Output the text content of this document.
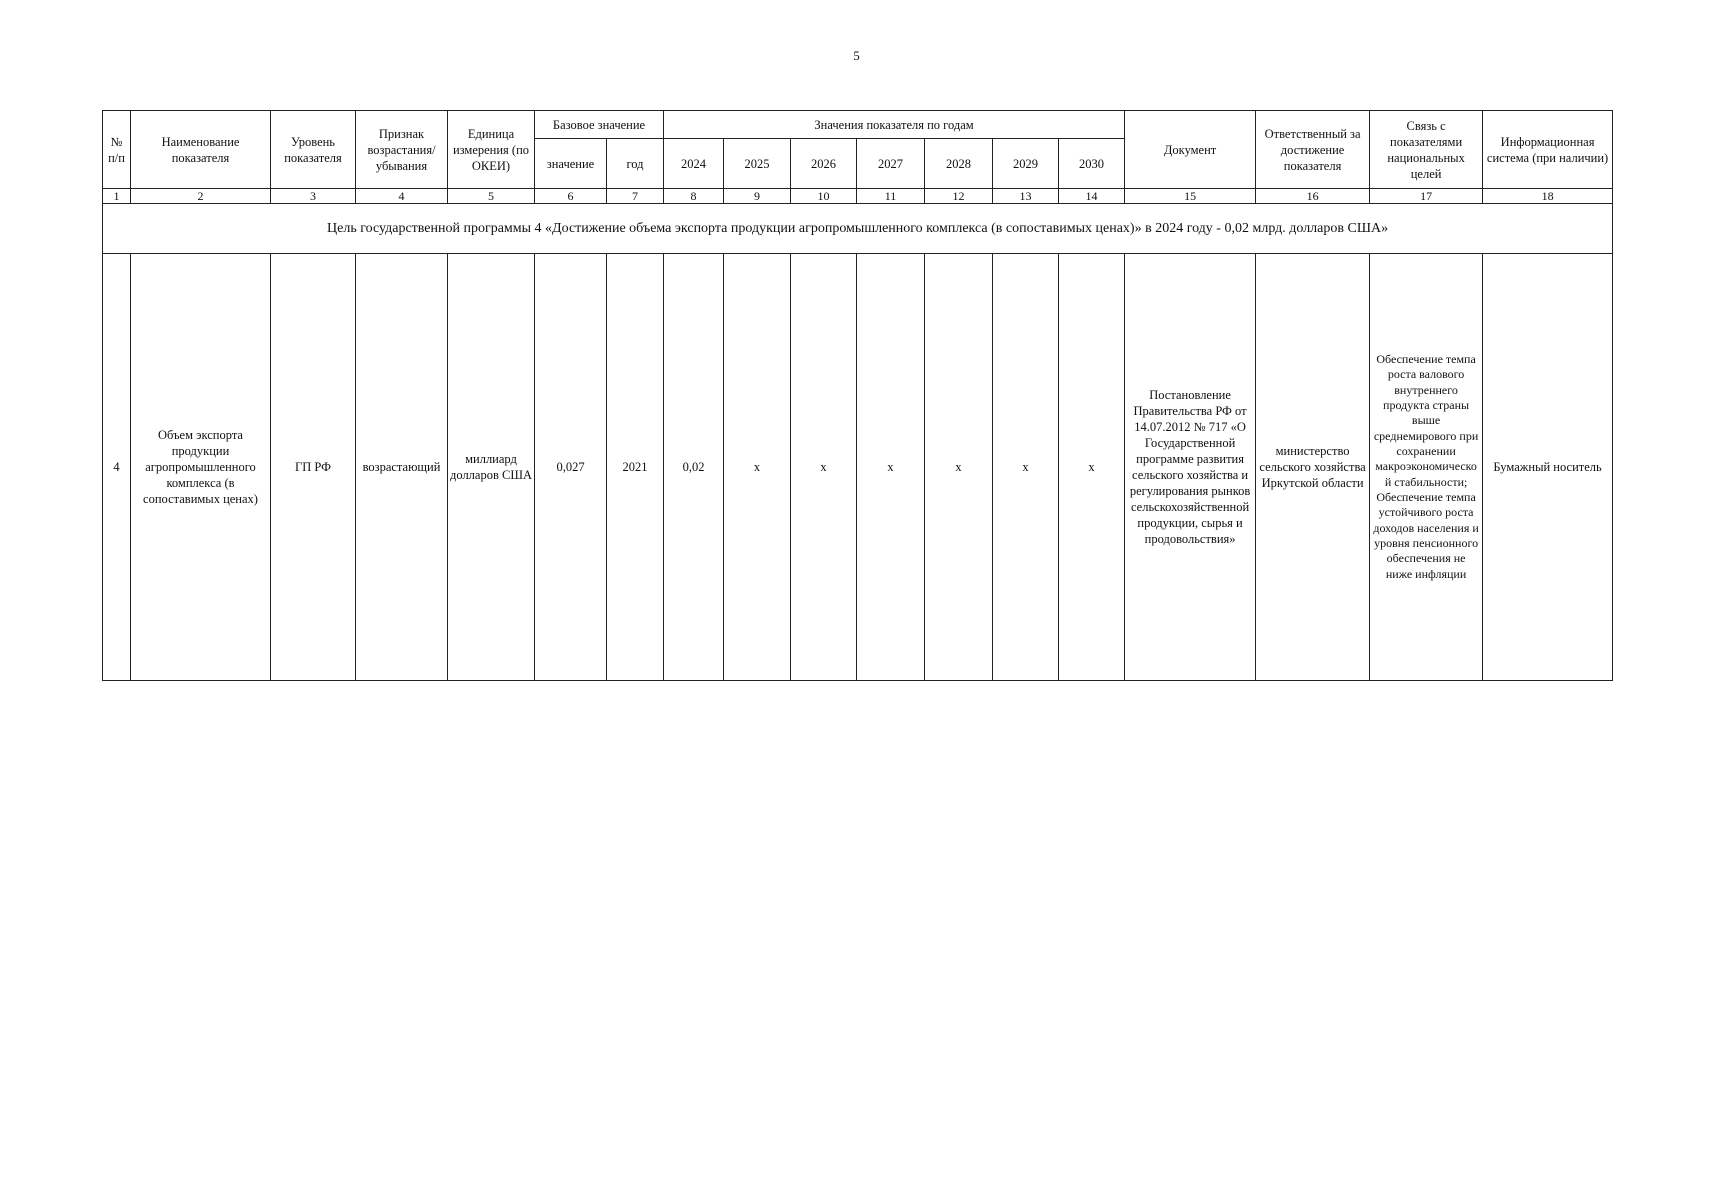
5
№ п/п	Наименование показателя	Уровень показателя	Признак возрастания/ убывания	Единица измерения (по ОКЕИ)	Базовое значение		Значения показателя по годам							Документ	Ответственный за достижение показателя	Связь с показателями национальных целей	Информационная система (при наличии)
					значение	год	2024	2025	2026	2027	2028	2029	2030				
1	2	3	4	5	6	7	8	9	10	11	12	13	14	15	16	17	18
Цель государственной программы 4 «Достижение объема экспорта продукции агропромышленного комплекса (в сопоставимых ценах)» в 2024 году - 0,02 млрд. долларов США»																	
4	Объем экспорта продукции агропромышленного комплекса (в сопоставимых ценах)	ГП РФ	возрастающий	миллиард долларов США	0,027	2021	0,02	х	х	х	х	х	х	Постановление Правительства РФ от 14.07.2012 № 717 «О Государственной программе развития сельского хозяйства и регулирования рынков сельскохозяйственной продукции, сырья и продовольствия»	министерство сельского хозяйства Иркутской области	Обеспечение темпа роста валового внутреннего продукта страны выше среднемирового при сохранении макроэкономической стабильности; Обеспечение темпа устойчивого роста доходов населения и уровня пенсионного обеспечения не ниже инфляции	Бумажный носитель
